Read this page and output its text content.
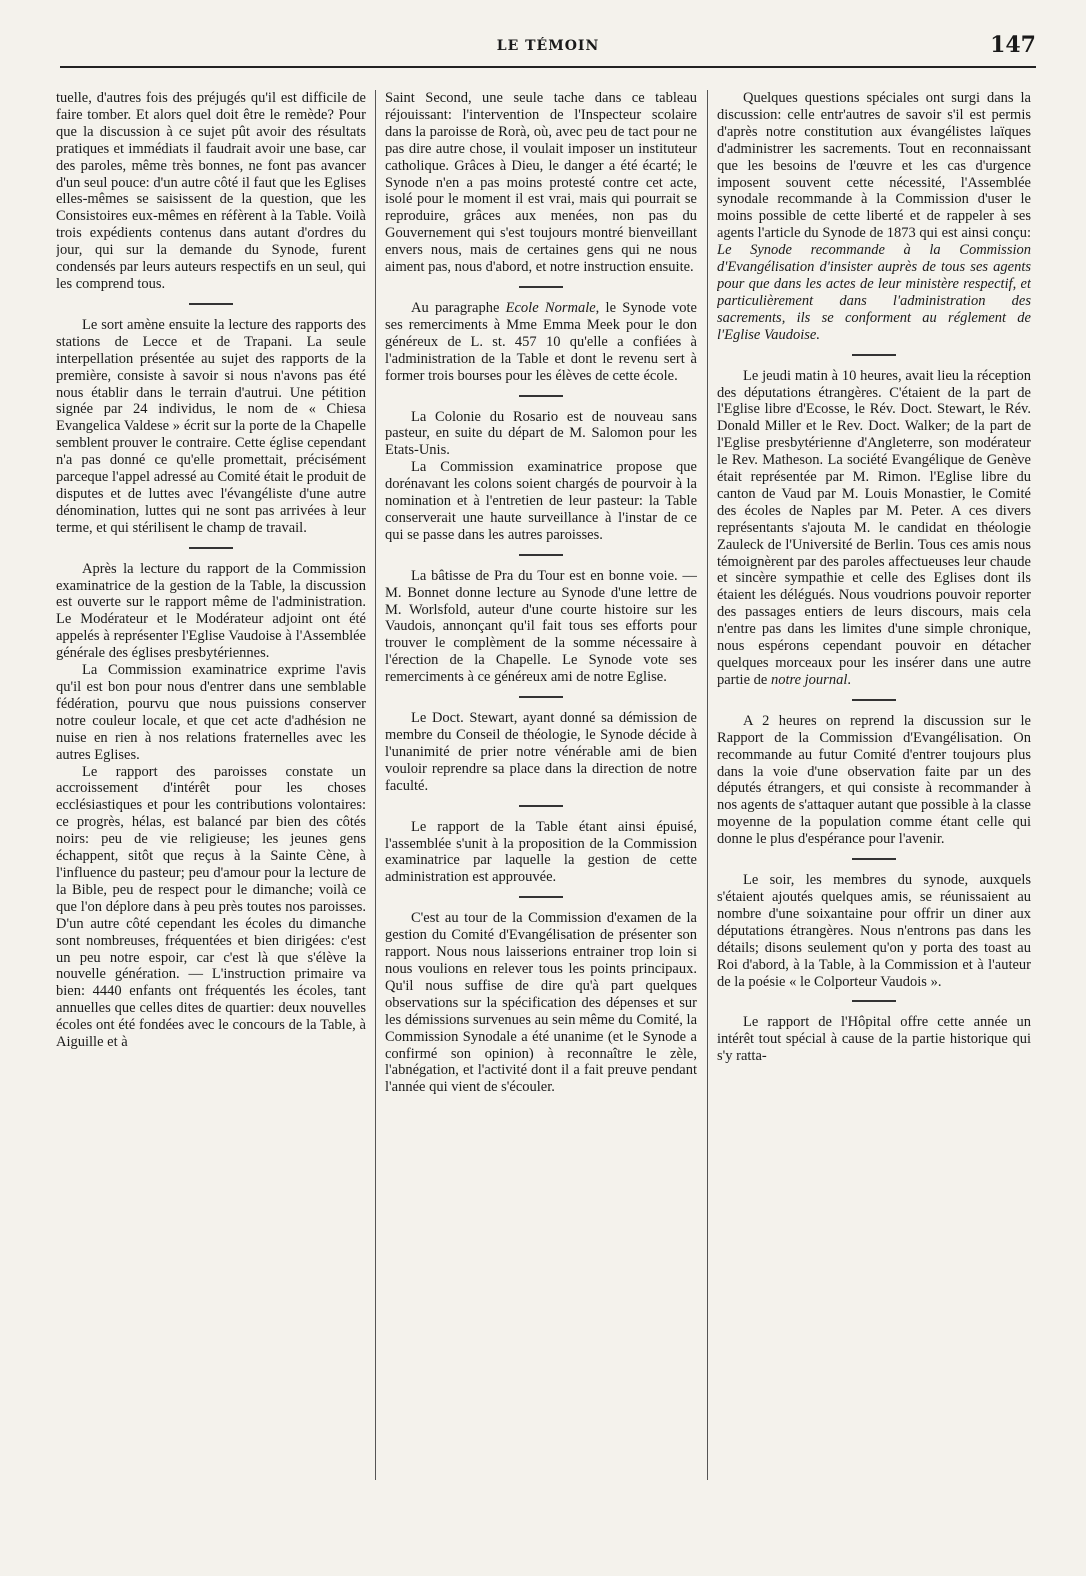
LE TÉMOIN	147

tuelle, d'autres fois des préjugés qu'il est difficile de faire tomber. Et alors quel doit être le remède? Pour que la discussion à ce sujet pût avoir des résultats pratiques et immédiats il faudrait avoir une base, car des paroles, même très bonnes, ne font pas avancer d'un seul pouce: d'un autre côté il faut que les Eglises elles-mêmes se saisissent de la question, que les Consistoires eux-mêmes en réfèrent à la Table. Voilà trois expédients contenus dans autant d'ordres du jour, qui sur la demande du Synode, furent condensés par leurs auteurs respectifs en un seul, qui les comprend tous.

Le sort amène ensuite la lecture des rapports des stations de Lecce et de Trapani. La seule interpellation présentée au sujet des rapports de la première, consiste à savoir si nous n'avons pas été nous établir dans le terrain d'autrui. Une pétition signée par 24 individus, le nom de « Chiesa Evangelica Valdese » écrit sur la porte de la Chapelle semblent prouver le contraire. Cette église cependant n'a pas donné ce qu'elle promettait, précisément parceque l'appel adressé au Comité était le produit de disputes et de luttes avec l'évangéliste d'une autre dénomination, luttes qui ne sont pas arrivées à leur terme, et qui stérilisent le champ de travail.

Après la lecture du rapport de la Commission examinatrice de la gestion de la Table, la discussion est ouverte sur le rapport même de l'administration. Le Modérateur et le Modérateur adjoint ont été appelés à représenter l'Eglise Vaudoise à l'Assemblée générale des églises presbytériennes.

La Commission examinatrice exprime l'avis qu'il est bon pour nous d'entrer dans une semblable fédération, pourvu que nous puissions conserver notre couleur locale, et que cet acte d'adhésion ne nuise en rien à nos relations fraternelles avec les autres Eglises.

Le rapport des paroisses constate un accroissement d'intérêt pour les choses ecclésiastiques et pour les contributions volontaires: ce progrès, hélas, est balancé par bien des côtés noirs: peu de vie religieuse; les jeunes gens échappent, sitôt que reçus à la Sainte Cène, à l'influence du pasteur; peu d'amour pour la lecture de la Bible, peu de respect pour le dimanche; voilà ce que l'on déplore dans à peu près toutes nos paroisses. D'un autre côté cependant les écoles du dimanche sont nombreuses, fréquentées et bien dirigées: c'est un peu notre espoir, car c'est là que s'élève la nouvelle génération. — L'instruction primaire va bien: 4440 enfants ont fréquentés les écoles, tant annuelles que celles dites de quartier: deux nouvelles écoles ont été fondées avec le concours de la Table, à Aiguille et à

Saint Second, une seule tache dans ce tableau réjouissant: l'intervention de l'Inspecteur scolaire dans la paroisse de Rorà, où, avec peu de tact pour ne pas dire autre chose, il voulait imposer un instituteur catholique. Grâces à Dieu, le danger a été écarté; le Synode n'en a pas moins protesté contre cet acte, isolé pour le moment il est vrai, mais qui pourrait se reproduire, grâces aux menées, non pas du Gouvernement qui s'est toujours montré bienveillant envers nous, mais de certaines gens qui ne nous aiment pas, nous d'abord, et notre instruction ensuite.

Au paragraphe Ecole Normale, le Synode vote ses remerciments à Mme Emma Meek pour le don généreux de L. st. 457 10 qu'elle a confiées à l'administration de la Table et dont le revenu sert à former trois bourses pour les élèves de cette école.

La Colonie du Rosario est de nouveau sans pasteur, en suite du départ de M. Salomon pour les Etats-Unis.

La Commission examinatrice propose que dorénavant les colons soient chargés de pourvoir à la nomination et à l'entretien de leur pasteur: la Table conserverait une haute surveillance à l'instar de ce qui se passe dans les autres paroisses.

La bâtisse de Pra du Tour est en bonne voie. — M. Bonnet donne lecture au Synode d'une lettre de M. Worlsfold, auteur d'une courte histoire sur les Vaudois, annonçant qu'il fait tous ses efforts pour trouver le complèment de la somme nécessaire à l'érection de la Chapelle. Le Synode vote ses remerciments à ce généreux ami de notre Eglise.

Le Doct. Stewart, ayant donné sa démission de membre du Conseil de théologie, le Synode décide à l'unanimité de prier notre vénérable ami de bien vouloir reprendre sa place dans la direction de notre faculté.

Le rapport de la Table étant ainsi épuisé, l'assemblée s'unit à la proposition de la Commission examinatrice par laquelle la gestion de cette administration est approuvée.

C'est au tour de la Commission d'examen de la gestion du Comité d'Evangélisation de présenter son rapport. Nous nous laisserions entrainer trop loin si nous voulions en relever tous les points principaux. Qu'il nous suffise de dire qu'à part quelques observations sur la spécification des dépenses et sur les démissions survenues au sein même du Comité, la Commission Synodale a été unanime (et le Synode a confirmé son opinion) à reconnaître le zèle, l'abnégation, et l'activité dont il a fait preuve pendant l'année qui vient de s'écouler.

Quelques questions spéciales ont surgi dans la discussion: celle entr'autres de savoir s'il est permis d'après notre constitution aux évangélistes laïques d'administrer les sacrements. Tout en reconnaissant que les besoins de l'œuvre et les cas d'urgence imposent souvent cette nécessité, l'Assemblée synodale recommande à la Commission d'user le moins possible de cette liberté et de rappeler à ses agents l'article du Synode de 1873 qui est ainsi conçu: Le Synode recommande à la Commission d'Evangélisation d'insister auprès de tous ses agents pour que dans les actes de leur ministère respectif, et particulièrement dans l'administration des sacrements, ils se conforment au réglement de l'Eglise Vaudoise.

Le jeudi matin à 10 heures, avait lieu la réception des députations étrangères. C'étaient de la part de l'Eglise libre d'Ecosse, le Rév. Doct. Stewart, le Rév. Donald Miller et le Rev. Doct. Walker; de la part de l'Eglise presbytérienne d'Angleterre, son modérateur le Rev. Matheson. La société Evangélique de Genève était représentée par M. Rimon. l'Eglise libre du canton de Vaud par M. Louis Monastier, le Comité des écoles de Naples par M. Peter. A ces divers représentants s'ajouta M. le candidat en théologie Zauleck de l'Université de Berlin. Tous ces amis nous témoignèrent par des paroles affectueuses leur chaude et sincère sympathie et celle des Eglises dont ils étaient les délégués. Nous voudrions pouvoir reporter des passages entiers de leurs discours, mais cela n'entre pas dans les limites d'une simple chronique, nous espérons cependant pouvoir en détacher quelques morceaux pour les insérer dans une autre partie de notre journal.

A 2 heures on reprend la discussion sur le Rapport de la Commission d'Evangélisation. On recommande au futur Comité d'entrer toujours plus dans la voie d'une observation faite par un des députés étrangers, et qui consiste à recommander à nos agents de s'attaquer autant que possible à la classe moyenne de la population comme étant celle qui donne le plus d'espérance pour l'avenir.

Le soir, les membres du synode, auxquels s'étaient ajoutés quelques amis, se réunissaient au nombre d'une soixantaine pour offrir un diner aux députations étrangères. Nous n'entrons pas dans les détails; disons seulement qu'on y porta des toast au Roi d'abord, à la Table, à la Commission et à l'auteur de la poésie « le Colporteur Vaudois ».

Le rapport de l'Hôpital offre cette année un intérêt tout spécial à cause de la partie historique qui s'y ratta-
